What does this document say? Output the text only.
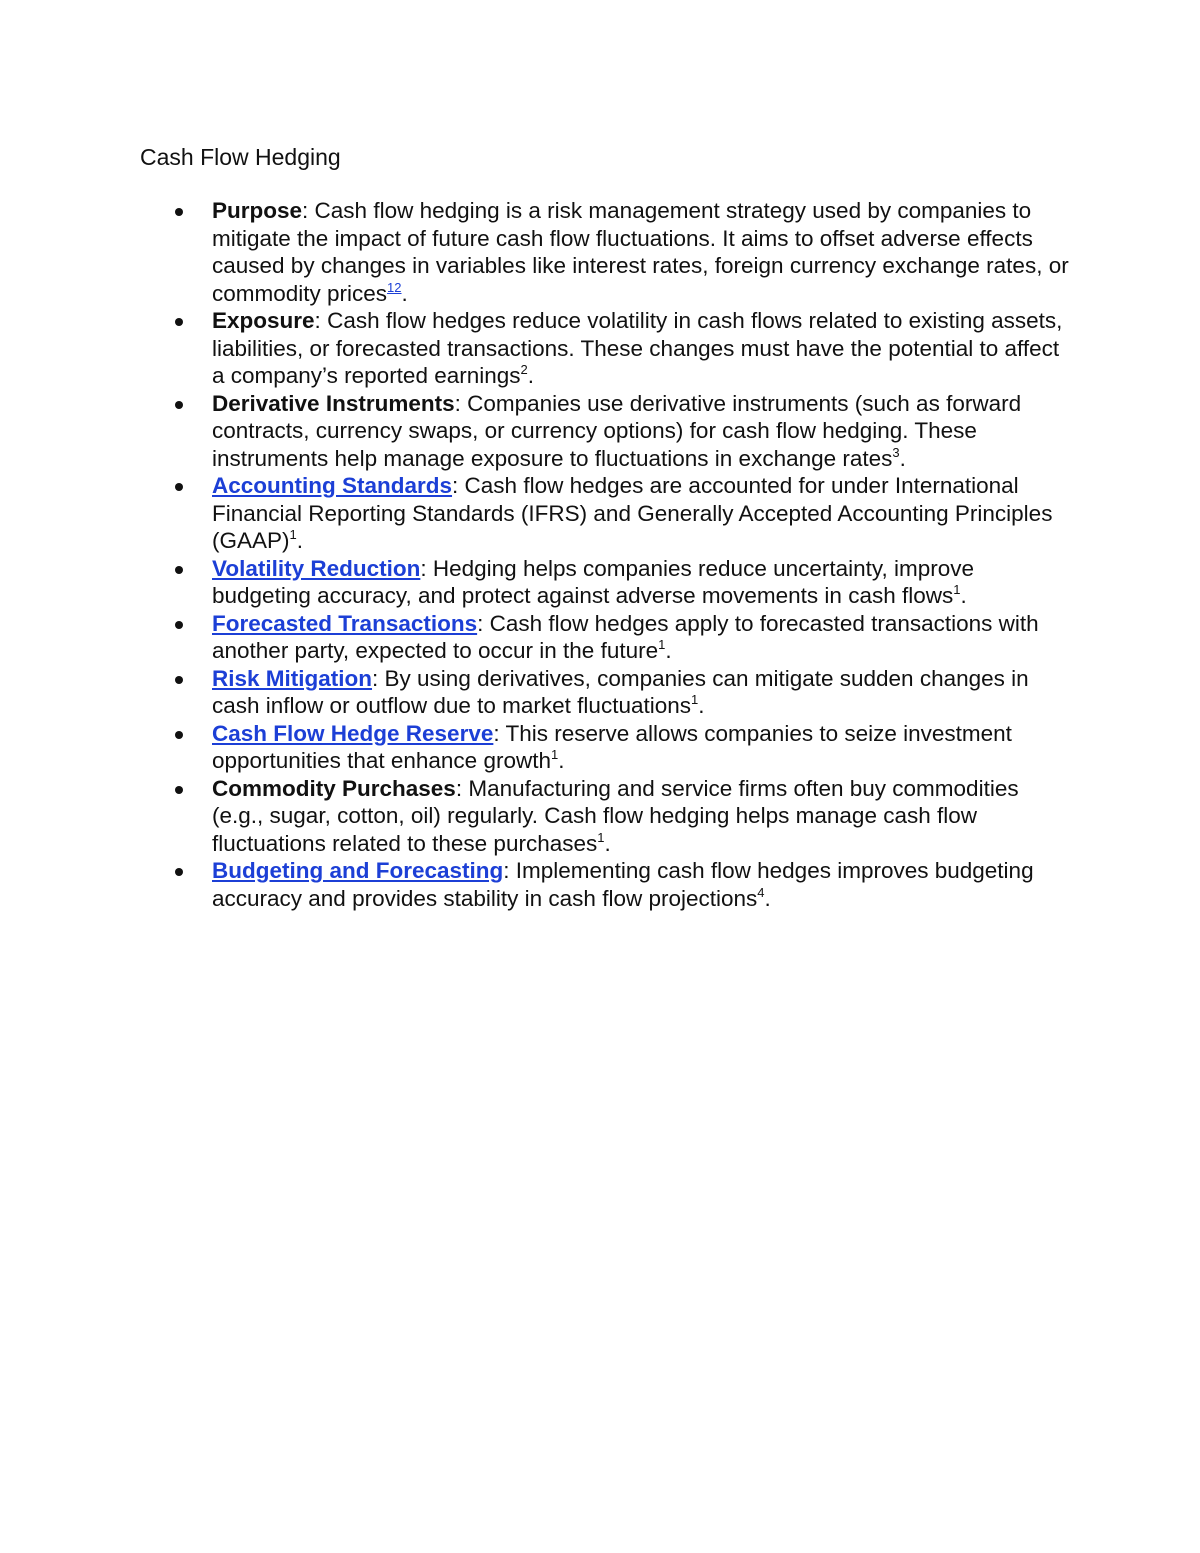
Cash Flow Hedging
Purpose: Cash flow hedging is a risk management strategy used by companies to mitigate the impact of future cash flow fluctuations. It aims to offset adverse effects caused by changes in variables like interest rates, foreign currency exchange rates, or commodity prices$^{12}$.
Exposure: Cash flow hedges reduce volatility in cash flows related to existing assets, liabilities, or forecasted transactions. These changes must have the potential to affect a company’s reported earnings$^2$.
Derivative Instruments: Companies use derivative instruments (such as forward contracts, currency swaps, or currency options) for cash flow hedging. These instruments help manage exposure to fluctuations in exchange rates$^3$.
Accounting Standards: Cash flow hedges are accounted for under International Financial Reporting Standards (IFRS) and Generally Accepted Accounting Principles (GAAP)$^1$.
Volatility Reduction: Hedging helps companies reduce uncertainty, improve budgeting accuracy, and protect against adverse movements in cash flows$^1$.
Forecasted Transactions: Cash flow hedges apply to forecasted transactions with another party, expected to occur in the future$^1$.
Risk Mitigation: By using derivatives, companies can mitigate sudden changes in cash inflow or outflow due to market fluctuations$^1$.
Cash Flow Hedge Reserve: This reserve allows companies to seize investment opportunities that enhance growth$^1$.
Commodity Purchases: Manufacturing and service firms often buy commodities (e.g., sugar, cotton, oil) regularly. Cash flow hedging helps manage cash flow fluctuations related to these purchases$^1$.
Budgeting and Forecasting: Implementing cash flow hedges improves budgeting accuracy and provides stability in cash flow projections$^4$.
